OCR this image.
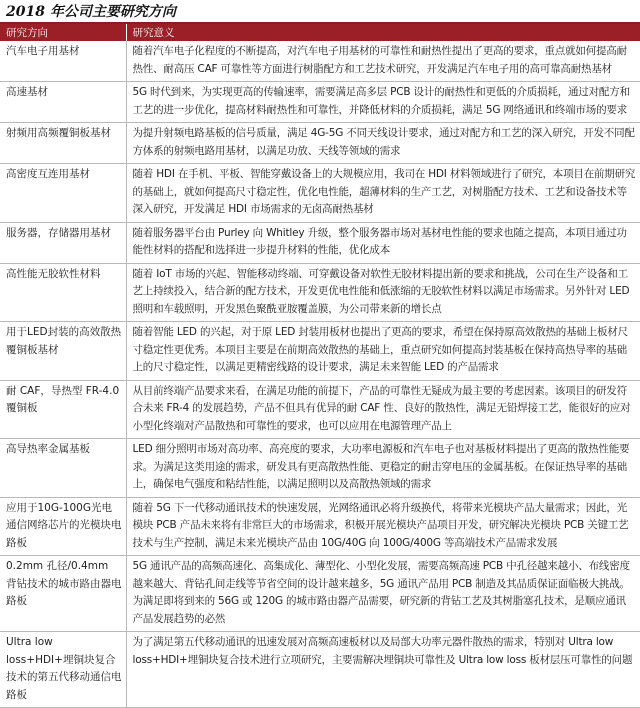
2018 年公司主要研究方向
研究方向	研究意义
汽车电子用基材	随着汽车电子化程度的不断提高，对汽车电子用基材的可靠性和耐热性提出了更高的要求，重点就如何提高耐热性、耐高压 CAF 可靠性等方面进行树脂配方和工艺技术研究，开发满足汽车电子用的高可靠高耐热基材
高速基材	5G 时代到来，为实现更高的传输速率，需要满足高多层 PCB 设计的耐热性和更低的介质损耗，通过对配方和工艺的进一步优化，提高材料耐热性和可靠性，并降低材料的介质损耗，满足 5G 网络通讯和终端市场的要求
射频用高频覆铜板基材	为提升射频电路基板的信号质量，满足 4G-5G 不同天线设计要求，通过对配方和工艺的深入研究，开发不同配方体系的射频电路用基材，以满足功放、天线等领域的需求
高密度互连用基材	随着 HDI 在手机、平板、智能穿戴设备上的大规模应用，我司在 HDI 材料领域进行了研究，本项目在前期研究的基础上，就如何提高尺寸稳定性，优化电性能，超薄材料的生产工艺，对树脂配方技术、工艺和设备技术等深入研究，开发满足 HDI 市场需求的无卤高耐热基材
服务器，存储器用基材	随着服务器平台由 Purley 向 Whitley 升级，整个服务器市场对基材电性能的要求也随之提高，本项目通过功能性材料的搭配和选择进一步提升材料的性能，优化成本
高性能无胶软性材料	随着 IoT 市场的兴起、智能移动终端、可穿戴设备对软性无胶材料提出新的要求和挑战，公司在生产设备和工艺上持续投入，结合新的配方技术，开发更优电性能和低涨缩的无胶软性材料以满足市场需求。另外针对 LED 照明和车载照明，开发黑色聚酰亚胺覆盖膜，为公司带来新的增长点
用于LED封装的高效散热覆铜板基材	随着智能 LED 的兴起，对于原 LED 封装用板材也提出了更高的要求，希望在保持原高效散热的基础上板材尺寸稳定性更优秀。本项目主要是在前期高效散热的基础上，重点研究如何提高封装基板在保持高热导率的基础上的尺寸稳定性，以满足更精密线路的设计要求，满足未来智能 LED 的产品需求
耐 CAF，导热型 FR-4.0 覆铜板	从目前终端产品要求来看，在满足功能的前提下，产品的可靠性无疑成为最主要的考虑因素。该项目的研发符合未来 FR-4 的发展趋势，产品不但具有优异的耐 CAF 性、良好的散热性，满足无铅焊接工艺，能很好的应对小型化终端对产品散热和可靠性的要求，也可以应用在电源管理产品上
高导热率金属基板	LED 细分照明市场对高功率、高亮度的要求，大功率电源板和汽车电子也对基板材料提出了更高的散热性能要求。为满足这类用途的需求，研发具有更高散热性能、更稳定的耐击穿电压的金属基板。在保证热导率的基础上，确保电气强度和粘结性能，以满足照明以及高散热领域的需求
应用于10G-100G光电通信网络芯片的光模块电路板	随着 5G 下一代移动通讯技术的快速发展，光网络通讯必将升级换代，将带来光模块产品大量需求；因此，光模块 PCB 产品未来将有非常巨大的市场需求，积极开展光模块产品项目开发，研究解决光模块 PCB 关键工艺技术与生产控制，满足未来光模块产品由 10G/40G 向 100G/400G 等高端技术产品需求发展
0.2mm 孔径/0.4mm 背钻技术的城市路由器电路板	5G 通讯产品的高频高速化、高集成化、薄型化、小型化发展，需要高频高速 PCB 中孔径越来越小、布线密度越来越大、背钻孔间走线等节省空间的设计越来越多，5G 通讯产品用 PCB 制造及其品质保证面临极大挑战。为满足即将到来的 56G 或 120G 的城市路由器产品需要，研究新的背钻工艺及其树脂塞孔技术，是顺应通讯产品发展趋势的必然
Ultra low loss+HDI+埋铜块复合技术的第五代移动通信电路板	为了满足第五代移动通讯的迅速发展对高频高速板材以及局部大功率元器件散热的需求，特别对 Ultra low loss+HDI+埋铜块复合技术进行立项研究，主要需解决埋铜块可靠性及 Ultra low loss 板材层压可靠性的问题
